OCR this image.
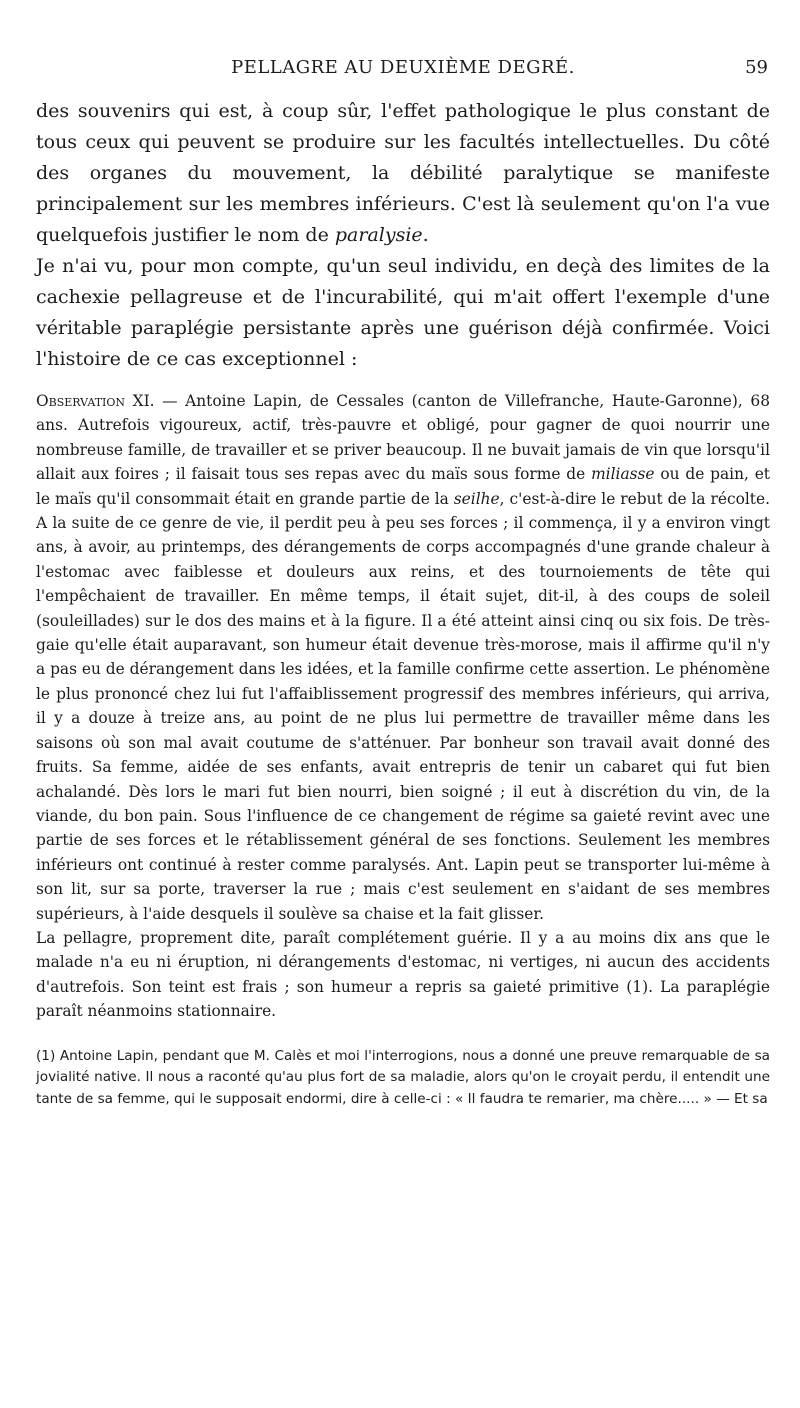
PELLAGRE AU DEUXIÈME DEGRÉ.	59

des souvenirs qui est, à coup sûr, l'effet pathologique le plus constant de tous ceux qui peuvent se produire sur les facultés intellectuelles. Du côté des organes du mouvement, la débilité paralytique se manifeste principalement sur les membres inférieurs. C'est là seulement qu'on l'a vue quelquefois justifier le nom de paralysie.

Je n'ai vu, pour mon compte, qu'un seul individu, en deçà des limites de la cachexie pellagreuse et de l'incurabilité, qui m'ait offert l'exemple d'une véritable paraplégie persistante après une guérison déjà confirmée. Voici l'histoire de ce cas exceptionnel :

Observation XI. — Antoine Lapin, de Cessales (canton de Villefranche, Haute-Garonne), 68 ans. Autrefois vigoureux, actif, très-pauvre et obligé, pour gagner de quoi nourrir une nombreuse famille, de travailler et se priver beaucoup. Il ne buvait jamais de vin que lorsqu'il allait aux foires ; il faisait tous ses repas avec du maïs sous forme de miliasse ou de pain, et le maïs qu'il consommait était en grande partie de la seilhe, c'est-à-dire le rebut de la récolte. A la suite de ce genre de vie, il perdit peu à peu ses forces ; il commença, il y a environ vingt ans, à avoir, au printemps, des dérangements de corps accompagnés d'une grande chaleur à l'estomac avec faiblesse et douleurs aux reins, et des tournoiements de tête qui l'empêchaient de travailler. En même temps, il était sujet, dit-il, à des coups de soleil (souleillades) sur le dos des mains et à la figure. Il a été atteint ainsi cinq ou six fois. De très-gaie qu'elle était auparavant, son humeur était devenue très-morose, mais il affirme qu'il n'y a pas eu de dérangement dans les idées, et la famille confirme cette assertion. Le phénomène le plus prononcé chez lui fut l'affaiblissement progressif des membres inférieurs, qui arriva, il y a douze à treize ans, au point de ne plus lui permettre de travailler même dans les saisons où son mal avait coutume de s'atténuer. Par bonheur son travail avait donné des fruits. Sa femme, aidée de ses enfants, avait entrepris de tenir un cabaret qui fut bien achalandé. Dès lors le mari fut bien nourri, bien soigné ; il eut à discrétion du vin, de la viande, du bon pain. Sous l'influence de ce changement de régime sa gaieté revint avec une partie de ses forces et le rétablissement général de ses fonctions. Seulement les membres inférieurs ont continué à rester comme paralysés. Ant. Lapin peut se transporter lui-même à son lit, sur sa porte, traverser la rue ; mais c'est seulement en s'aidant de ses membres supérieurs, à l'aide desquels il soulève sa chaise et la fait glisser.

La pellagre, proprement dite, paraît complétement guérie. Il y a au moins dix ans que le malade n'a eu ni éruption, ni dérangements d'estomac, ni vertiges, ni aucun des accidents d'autrefois. Son teint est frais ; son humeur a repris sa gaieté primitive (1). La paraplégie paraît néanmoins stationnaire.

(1) Antoine Lapin, pendant que M. Calès et moi l'interrogions, nous a donné une preuve remarquable de sa jovialité native. Il nous a raconté qu'au plus fort de sa maladie, alors qu'on le croyait perdu, il entendit une tante de sa femme, qui le supposait endormi, dire à celle-ci : « Il faudra te remarier, ma chère..... » — Et sa
